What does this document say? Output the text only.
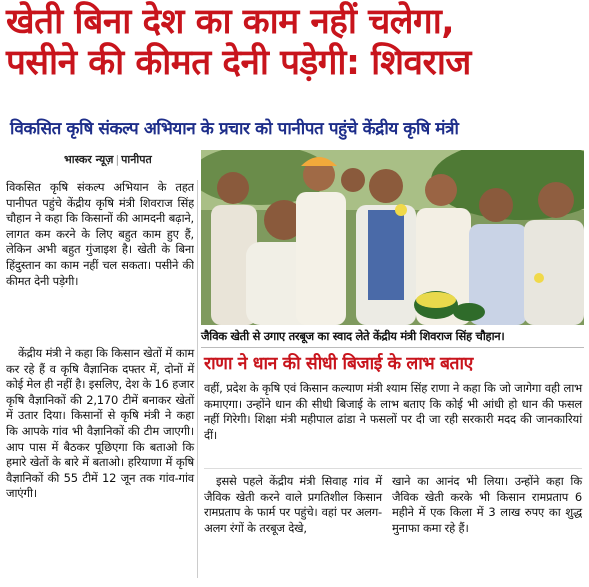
खेती बिना देश का काम नहीं चलेगा,
पसीने की कीमत देनी पड़ेगी: शिवराज
विकसित कृषि संकल्प अभियान के प्रचार को पानीपत पहुंचे केंद्रीय कृषि मंत्री
भास्कर न्यूज़ | पानीपत
जैविक खेती से उगाए तरबूज का स्वाद लेते केंद्रीय मंत्री शिवराज सिंह चौहान।

विकसित कृषि संकल्प अभियान के तहत पानीपत पहुंचे केंद्रीय कृषि मंत्री शिवराज सिंह चौहान ने कहा कि किसानों की आमदनी बढ़ाने, लागत कम करने के लिए बहुत काम हुए हैं, लेकिन अभी बहुत गुंजाइश है। खेती के बिना हिंदुस्तान का काम नहीं चल सकता। पसीने की कीमत देनी पड़ेगी।

केंद्रीय मंत्री ने कहा कि किसान खेतों में काम कर रहे हैं व कृषि वैज्ञानिक दफ्तर में, दोनों में कोई मेल ही नहीं है। इसलिए, देश के 16 हजार कृषि वैज्ञानिकों की 2,170 टीमें बनाकर खेतों में उतार दिया। किसानों से कृषि मंत्री ने कहा कि आपके गांव भी वैज्ञानिकों की टीम जाएगी। आप पास में बैठकर पूछिएगा कि बताओ कि हमारे खेतों के बारे में बताओ। हरियाणा में कृषि वैज्ञानिकों की 55 टीमें 12 जून तक गांव-गांव जाएंगी।

राणा ने धान की सीधी बिजाई के लाभ बताए

वहीं, प्रदेश के कृषि एवं किसान कल्याण मंत्री श्याम सिंह राणा ने कहा कि जो जागेगा वही लाभ कमाएगा। उन्होंने धान की सीधी बिजाई के लाभ बताए कि कोई भी आंधी हो धान की फसल नहीं गिरेगी। शिक्षा मंत्री महीपाल ढांडा ने फसलों पर दी जा रही सरकारी मदद की जानकारियां दीं।

इससे पहले केंद्रीय मंत्री सिवाह गांव में जैविक खेती करने वाले प्रगतिशील किसान रामप्रताप के फार्म पर पहुंचे। वहां पर अलग-अलग रंगों के तरबूज देखे,

खाने का आनंद भी लिया। उन्होंने कहा कि जैविक खेती करके भी किसान रामप्रताप 6 महीने में एक किला में 3 लाख रुपए का शुद्ध मुनाफा कमा रहे हैं।
